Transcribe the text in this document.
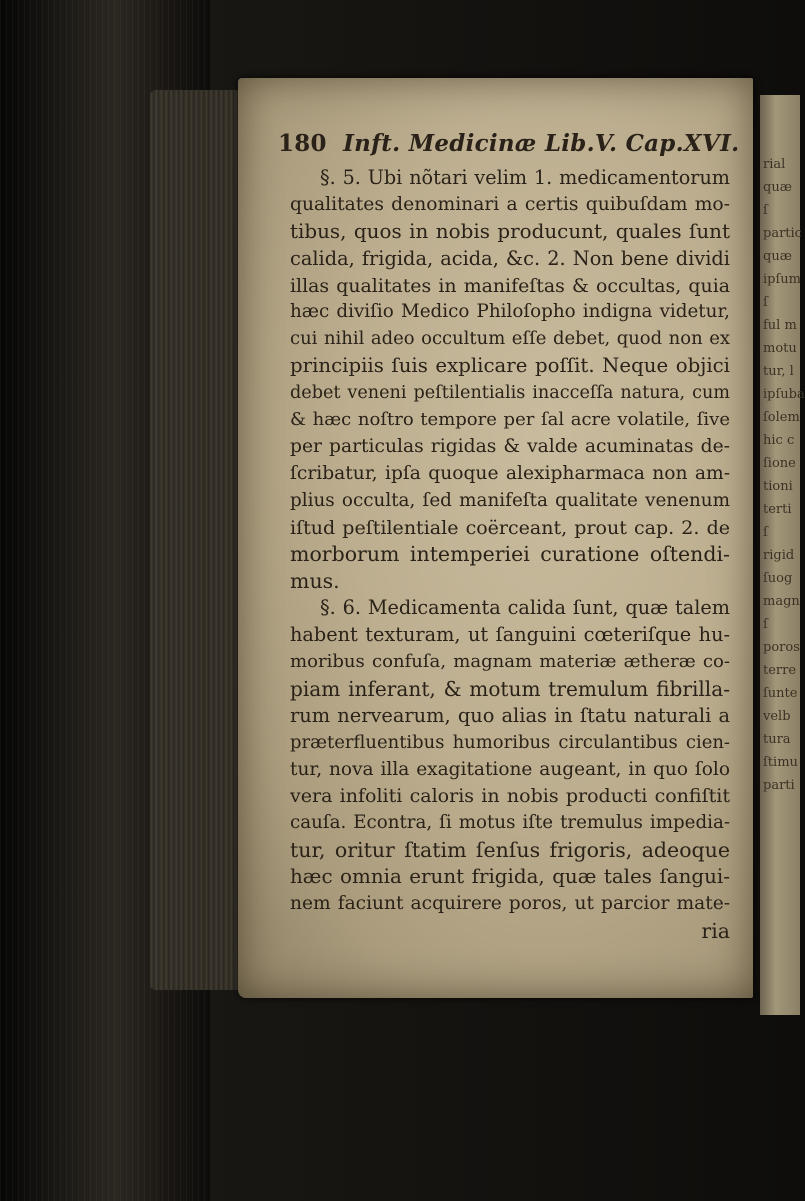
rial
quæ
ſ
partic
quæ
ipſum
ſ
ful m
motu
tur, l
ipſuba
ſolem
hic c
ſione
tioni
terti
ſ
rigid
ſuog
magn
ſ
poros
terre
ſunte
velb
tura
ſtimu
parti
180 Inft. Medicinæ Lib.V. Cap.XVI.
§. 5. Ubi nõtari velim 1. medicamentorum
qualitates denominari a certis quibuſdam mo-
tibus, quos in nobis producunt, quales ſunt
calida, frigida, acida, &c. 2. Non bene dividi
illas qualitates in manifeſtas & occultas, quia
hæc diviſio Medico Philoſopho indigna videtur,
cui nihil adeo occultum eſſe debet, quod non ex
principiis ſuis explicare poſſit. Neque objici
debet veneni peſtilentialis inacceſſa natura, cum
& hæc noſtro tempore per ſal acre volatile, ſive
per particulas rigidas & valde acuminatas de-
ſcribatur, ipſa quoque alexipharmaca non am-
plius occulta, ſed manifeſta qualitate venenum
iſtud peſtilentiale coërceant, prout cap. 2. de
morborum intemperiei curatione oſtendi-
mus.
§. 6. Medicamenta calida ſunt, quæ talem
habent texturam, ut ſanguini cœteriſque hu-
moribus confuſa, magnam materiæ ætheræ co-
piam inferant, & motum tremulum fibrilla-
rum nervearum, quo alias in ſtatu naturali a
præterfluentibus humoribus circulantibus cien-
tur, nova illa exagitatione augeant, in quo ſolo
vera infoliti caloris in nobis producti confiſtit
cauſa. Econtra, ſi motus iſte tremulus impedia-
tur, oritur ſtatim ſenſus frigoris, adeoque
hæc omnia erunt frigida, quæ tales ſangui-
nem faciunt acquirere poros, ut parcior mate-
ria
